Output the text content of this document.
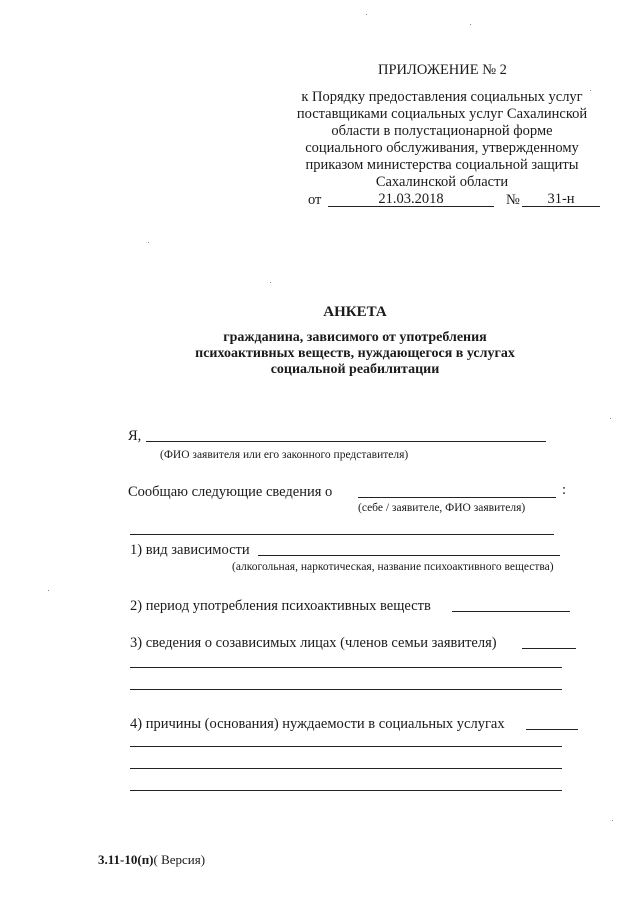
ПРИЛОЖЕНИЕ № 2
к Порядку предоставления социальных услуг
поставщиками социальных услуг Сахалинской
области в полустационарной форме
социального обслуживания, утвержденному
приказом министерства социальной защиты
Сахалинской области
от	21.03.2018	№	31-н
АНКЕТА
гражданина, зависимого от употребления
психоактивных веществ, нуждающегося в услугах
социальной реабилитации
Я,
(ФИО заявителя или его законного представителя)
Сообщаю следующие сведения о	:
(себе / заявителе, ФИО заявителя)
1) вид зависимости
(алкогольная, наркотическая, название психоактивного вещества)
2) период употребления психоактивных веществ
3) сведения о созависимых лицах (членов семьи заявителя)
4) причины (основания) нуждаемости в социальных услугах
3.11-10(п)( Версия)
